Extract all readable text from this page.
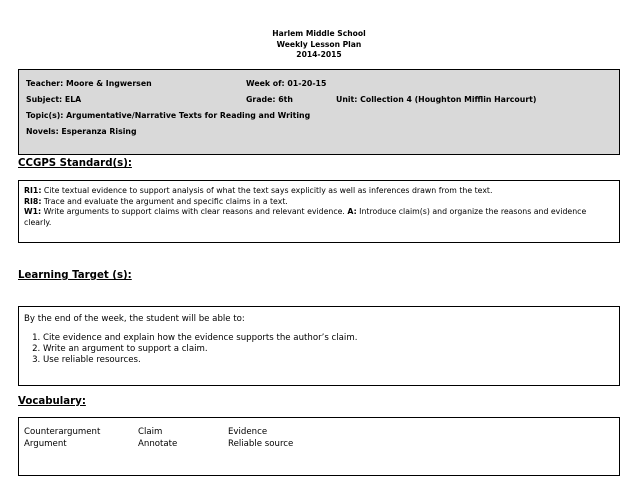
Harlem Middle School
Weekly Lesson Plan
2014-2015
Teacher: Moore & Ingwersen	Week of: 01-20-15
Subject: ELA	Grade: 6th	Unit: Collection 4 (Houghton Mifflin Harcourt)
Topic(s): Argumentative/Narrative Texts for Reading and Writing
Novels: Esperanza Rising
CCGPS Standard(s):
RI1: Cite textual evidence to support analysis of what the text says explicitly as well as inferences drawn from the text.
RI8: Trace and evaluate the argument and specific claims in a text.
W1: Write arguments to support claims with clear reasons and relevant evidence. A: Introduce claim(s) and organize the reasons and evidence clearly.
Learning Target (s):
By the end of the week, the student will be able to:
1. Cite evidence and explain how the evidence supports the author’s claim.
2. Write an argument to support a claim.
3. Use reliable resources.
Vocabulary:
Counterargument	Claim	Evidence
Argument	Annotate	Reliable source
